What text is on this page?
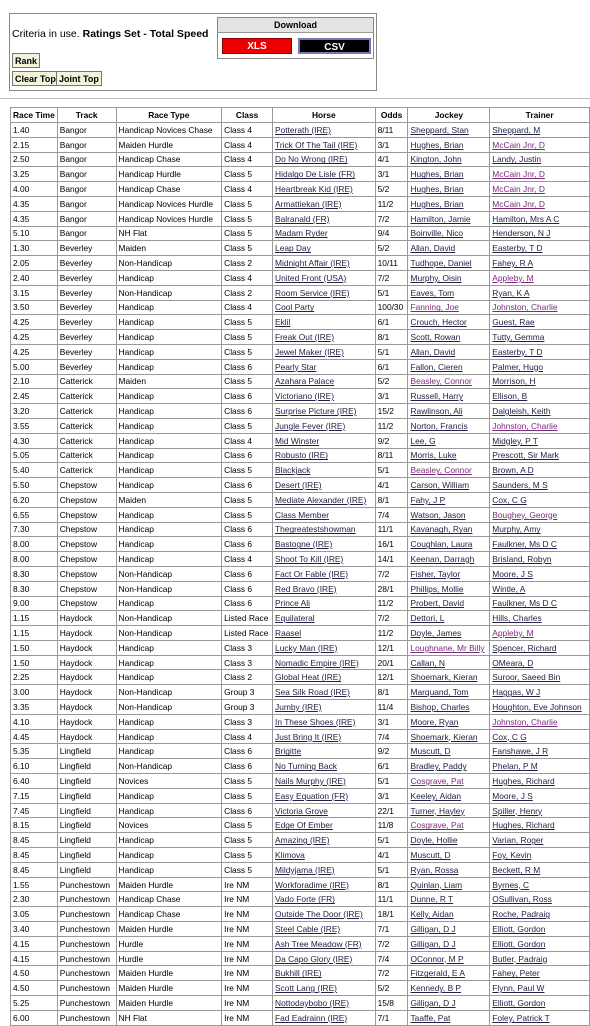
Criteria in use. Ratings Set - Total Speed
Rank
Clear Top Joint Top
Download
XLS	CSV
Race Time	Track	Race Type	Class	Horse	Odds	Jockey	Trainer
1.40	Bangor	Handicap Novices Chase	Class 4	Potterath (IRE)	8/11	Sheppard, Stan	Sheppard, M
2.15	Bangor	Maiden Hurdle	Class 4	Trick Of The Tail (IRE)	3/1	Hughes, Brian	McCain Jnr, D
2.50	Bangor	Handicap Chase	Class 4	Do No Wrong (IRE)	4/1	Kington, John	Landy, Justin
3.25	Bangor	Handicap Hurdle	Class 5	Hidalgo De Lisle (FR)	3/1	Hughes, Brian	McCain Jnr, D
4.00	Bangor	Handicap Chase	Class 4	Heartbreak Kid (IRE)	5/2	Hughes, Brian	McCain Jnr, D
4.35	Bangor	Handicap Novices Hurdle	Class 5	Armattiekan (IRE)	11/2	Hughes, Brian	McCain Jnr, D
4.35	Bangor	Handicap Novices Hurdle	Class 5	Balranald (FR)	7/2	Hamilton, Jamie	Hamilton, Mrs A C
5.10	Bangor	NH Flat	Class 5	Madam Ryder	9/4	Boinville, Nico	Henderson, N J
1.30	Beverley	Maiden	Class 5	Leap Day	5/2	Allan, David	Easterby, T D
2.05	Beverley	Non-Handicap	Class 2	Midnight Affair (IRE)	10/11	Tudhope, Daniel	Fahey, R A
2.40	Beverley	Handicap	Class 4	United Front (USA)	7/2	Murphy, Oisin	Appleby, M
3.15	Beverley	Non-Handicap	Class 2	Room Service (IRE)	5/1	Eaves, Tom	Ryan, K A
3.50	Beverley	Handicap	Class 4	Cool Party	100/30	Fanning, Joe	Johnston, Charlie
4.25	Beverley	Handicap	Class 5	Eklil	6/1	Crouch, Hector	Guest, Rae
4.25	Beverley	Handicap	Class 5	Freak Out (IRE)	8/1	Scott, Rowan	Tutty, Gemma
4.25	Beverley	Handicap	Class 5	Jewel Maker (IRE)	5/1	Allan, David	Easterby, T D
5.00	Beverley	Handicap	Class 6	Pearly Star	6/1	Fallon, Cieren	Palmer, Hugo
2.10	Catterick	Maiden	Class 5	Azahara Palace	5/2	Beasley, Connor	Morrison, H
2.45	Catterick	Handicap	Class 6	Victoriano (IRE)	3/1	Russell, Harry	Ellison, B
3.20	Catterick	Handicap	Class 6	Surprise Picture (IRE)	15/2	Rawlinson, Ali	Dalgleish, Keith
3.55	Catterick	Handicap	Class 5	Jungle Fever (IRE)	11/2	Norton, Francis	Johnston, Charlie
4.30	Catterick	Handicap	Class 4	Mid Winster	9/2	Lee, G	Midgley, P T
5.05	Catterick	Handicap	Class 6	Robusto (IRE)	8/11	Morris, Luke	Prescott, Sir Mark
5.40	Catterick	Handicap	Class 5	Blackjack	5/1	Beasley, Connor	Brown, A D
5.50	Chepstow	Handicap	Class 6	Desert (IRE)	4/1	Carson, William	Saunders, M S
6.20	Chepstow	Maiden	Class 5	Mediate Alexander (IRE)	8/1	Fahy, J P	Cox, C G
6.55	Chepstow	Handicap	Class 5	Class Member	7/4	Watson, Jason	Boughey, George
7.30	Chepstow	Handicap	Class 6	Thegreatestshowman	11/1	Kavanagh, Ryan	Murphy, Amy
8.00	Chepstow	Handicap	Class 6	Bastogne (IRE)	16/1	Coughlan, Laura	Faulkner, Ms D C
8.00	Chepstow	Handicap	Class 4	Shoot To Kill (IRE)	14/1	Keenan, Darragh	Brisland, Robyn
8.30	Chepstow	Non-Handicap	Class 6	Fact Or Fable (IRE)	7/2	Fisher, Taylor	Moore, J S
8.30	Chepstow	Non-Handicap	Class 6	Red Bravo (IRE)	28/1	Phillips, Mollie	Wintle, A
9.00	Chepstow	Handicap	Class 6	Prince Ali	11/2	Probert, David	Faulkner, Ms D C
1.15	Haydock	Non-Handicap	Listed Race	Equilateral	7/2	Dettori, L	Hills, Charles
1.15	Haydock	Non-Handicap	Listed Race	Raasel	11/2	Doyle, James	Appleby, M
1.50	Haydock	Handicap	Class 3	Lucky Man (IRE)	12/1	Loughnane, Mr Billy	Spencer, Richard
1.50	Haydock	Handicap	Class 3	Nomadic Empire (IRE)	20/1	Callan, N	OMeara, D
2.25	Haydock	Handicap	Class 2	Global Heat (IRE)	12/1	Shoemark, Kieran	Suroor, Saeed Bin
3.00	Haydock	Non-Handicap	Group 3	Sea Silk Road (IRE)	8/1	Marquand, Tom	Haggas, W J
3.35	Haydock	Non-Handicap	Group 3	Jumby (IRE)	11/4	Bishop, Charles	Houghton, Eve Johnson
4.10	Haydock	Handicap	Class 3	In These Shoes (IRE)	3/1	Moore, Ryan	Johnston, Charlie
4.45	Haydock	Handicap	Class 4	Just Bring It (IRE)	7/4	Shoemark, Kieran	Cox, C G
5.35	Lingfield	Handicap	Class 6	Brigitte	9/2	Muscutt, D	Fanshawe, J R
6.10	Lingfield	Non-Handicap	Class 6	No Turning Back	6/1	Bradley, Paddy	Phelan, P M
6.40	Lingfield	Novices	Class 5	Nails Murphy (IRE)	5/1	Cosgrave, Pat	Hughes, Richard
7.15	Lingfield	Handicap	Class 5	Easy Equation (FR)	3/1	Keeley, Aidan	Moore, J S
7.45	Lingfield	Handicap	Class 6	Victoria Grove	22/1	Turner, Hayley	Spiller, Henry
8.15	Lingfield	Novices	Class 5	Edge Of Ember	11/8	Cosgrave, Pat	Hughes, Richard
8.45	Lingfield	Handicap	Class 5	Amazing (IRE)	5/1	Doyle, Hollie	Varian, Roger
8.45	Lingfield	Handicap	Class 5	Klimova	4/1	Muscutt, D	Foy, Kevin
8.45	Lingfield	Handicap	Class 5	Mildyjama (IRE)	5/1	Ryan, Rossa	Beckett, R M
1.55	Punchestown	Maiden Hurdle	Ire NM	Workforadime (IRE)	8/1	Quinlan, Liam	Byrnes, C
2.30	Punchestown	Handicap Chase	Ire NM	Vado Forte (FR)	11/1	Dunne, R T	OSullivan, Ross
3.05	Punchestown	Handicap Chase	Ire NM	Outside The Door (IRE)	18/1	Kelly, Aidan	Roche, Padraig
3.40	Punchestown	Maiden Hurdle	Ire NM	Steel Cable (IRE)	7/1	Gilligan, D J	Elliott, Gordon
4.15	Punchestown	Hurdle	Ire NM	Ash Tree Meadow (FR)	7/2	Gilligan, D J	Elliott, Gordon
4.15	Punchestown	Hurdle	Ire NM	Da Capo Glory (IRE)	7/4	OConnor, M P	Butler, Padraig
4.50	Punchestown	Maiden Hurdle	Ire NM	Bukhill (IRE)	7/2	Fitzgerald, E A	Fahey, Peter
4.50	Punchestown	Maiden Hurdle	Ire NM	Scott Lang (IRE)	5/2	Kennedy, B P	Flynn, Paul W
5.25	Punchestown	Maiden Hurdle	Ire NM	Nottodaybobo (IRE)	15/8	Gilligan, D J	Elliott, Gordon
6.00	Punchestown	NH Flat	Ire NM	Fad Eadrainn (IRE)	7/1	Taaffe, Pat	Foley, Patrick T
